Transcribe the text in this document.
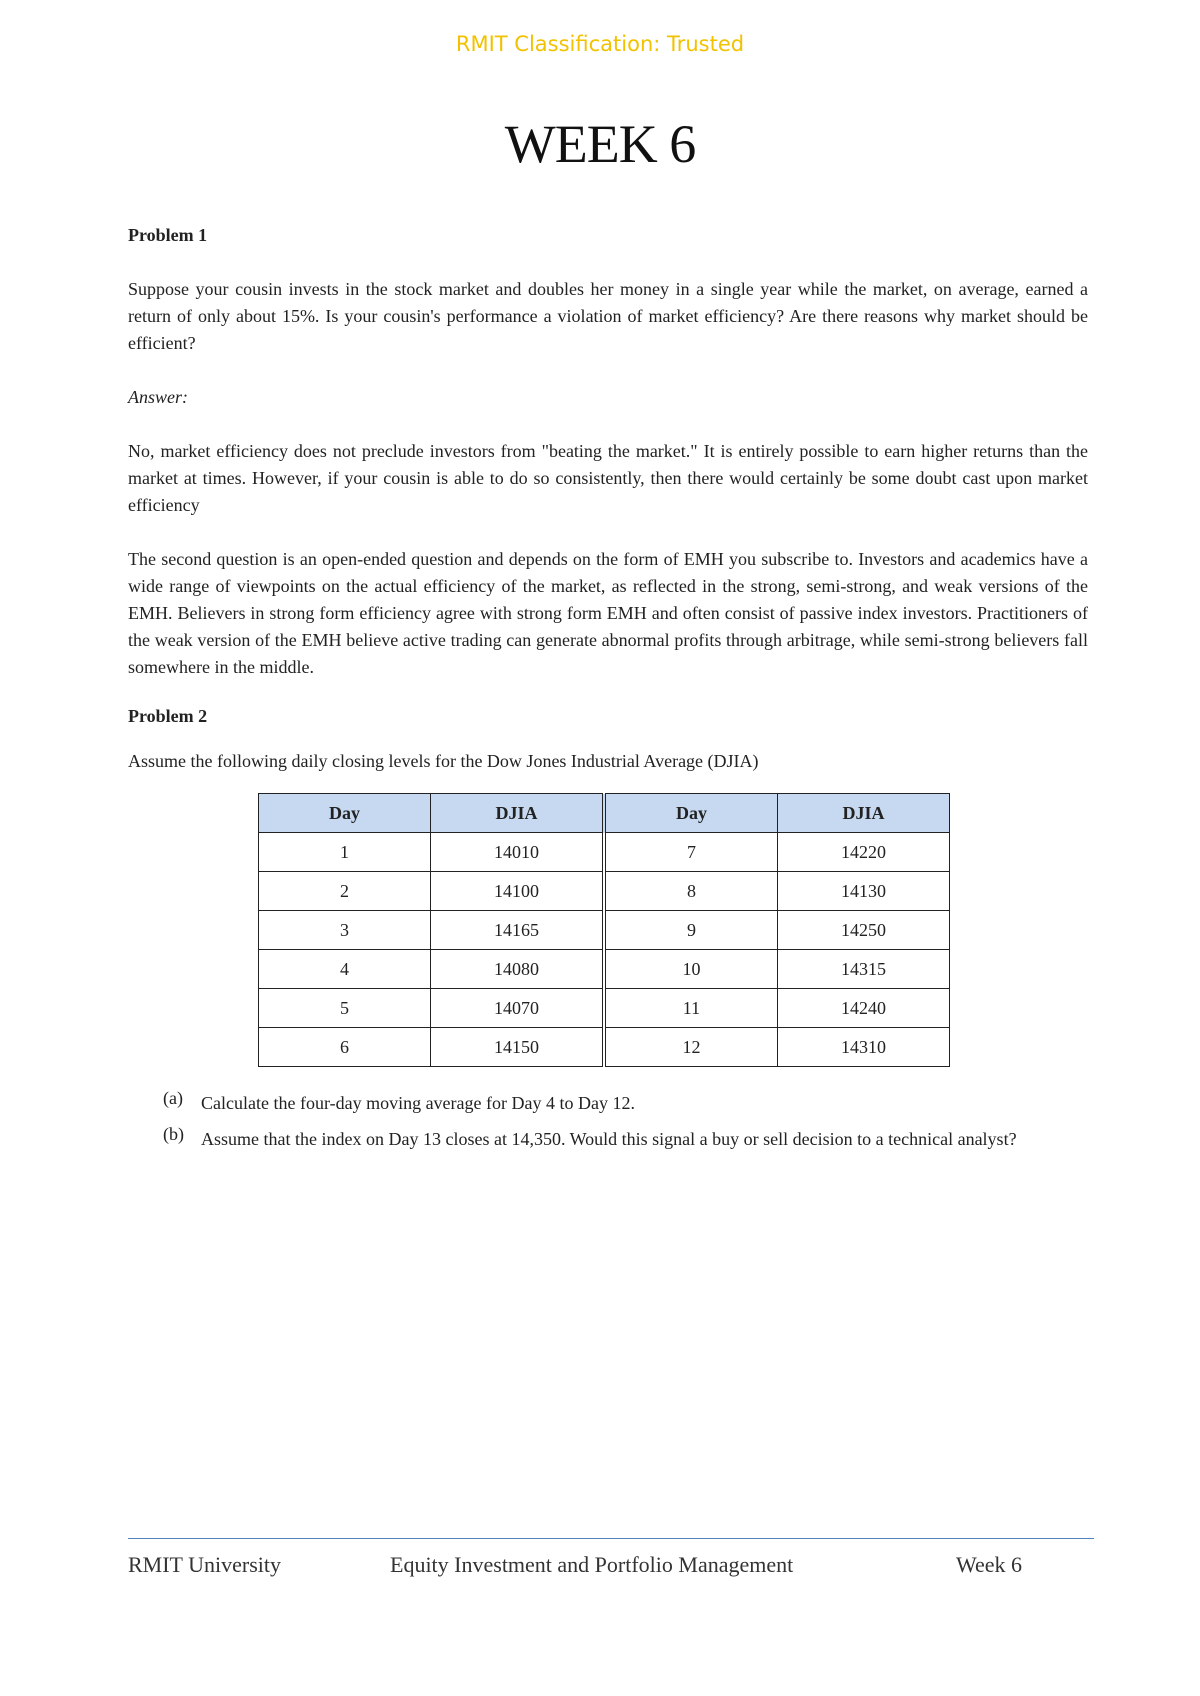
RMIT Classification: Trusted
WEEK 6

Problem 1

Suppose your cousin invests in the stock market and doubles her money in a single year while the market, on average, earned a return of only about 15%. Is your cousin's performance a violation of market efficiency? Are there reasons why market should be efficient?

Answer:

No, market efficiency does not preclude investors from "beating the market." It is entirely possible to earn higher returns than the market at times. However, if your cousin is able to do so consistently, then there would certainly be some doubt cast upon market efficiency

The second question is an open-ended question and depends on the form of EMH you subscribe to. Investors and academics have a wide range of viewpoints on the actual efficiency of the market, as reflected in the strong, semi-strong, and weak versions of the EMH. Believers in strong form efficiency agree with strong form EMH and often consist of passive index investors. Practitioners of the weak version of the EMH believe active trading can generate abnormal profits through arbitrage, while semi-strong believers fall somewhere in the middle.

Problem 2

Assume the following daily closing levels for the Dow Jones Industrial Average (DJIA)

Day	DJIA	Day	DJIA
1	14010	7	14220
2	14100	8	14130
3	14165	9	14250
4	14080	10	14315
5	14070	11	14240
6	14150	12	14310
(a)	Calculate the four-day moving average for Day 4 to Day 12.
(b) Assume that the index on Day 13 closes at 14,350. Would this signal a buy or sell decision to a technical analyst?
RMIT University	Equity Investment and Portfolio Management	Week 6
